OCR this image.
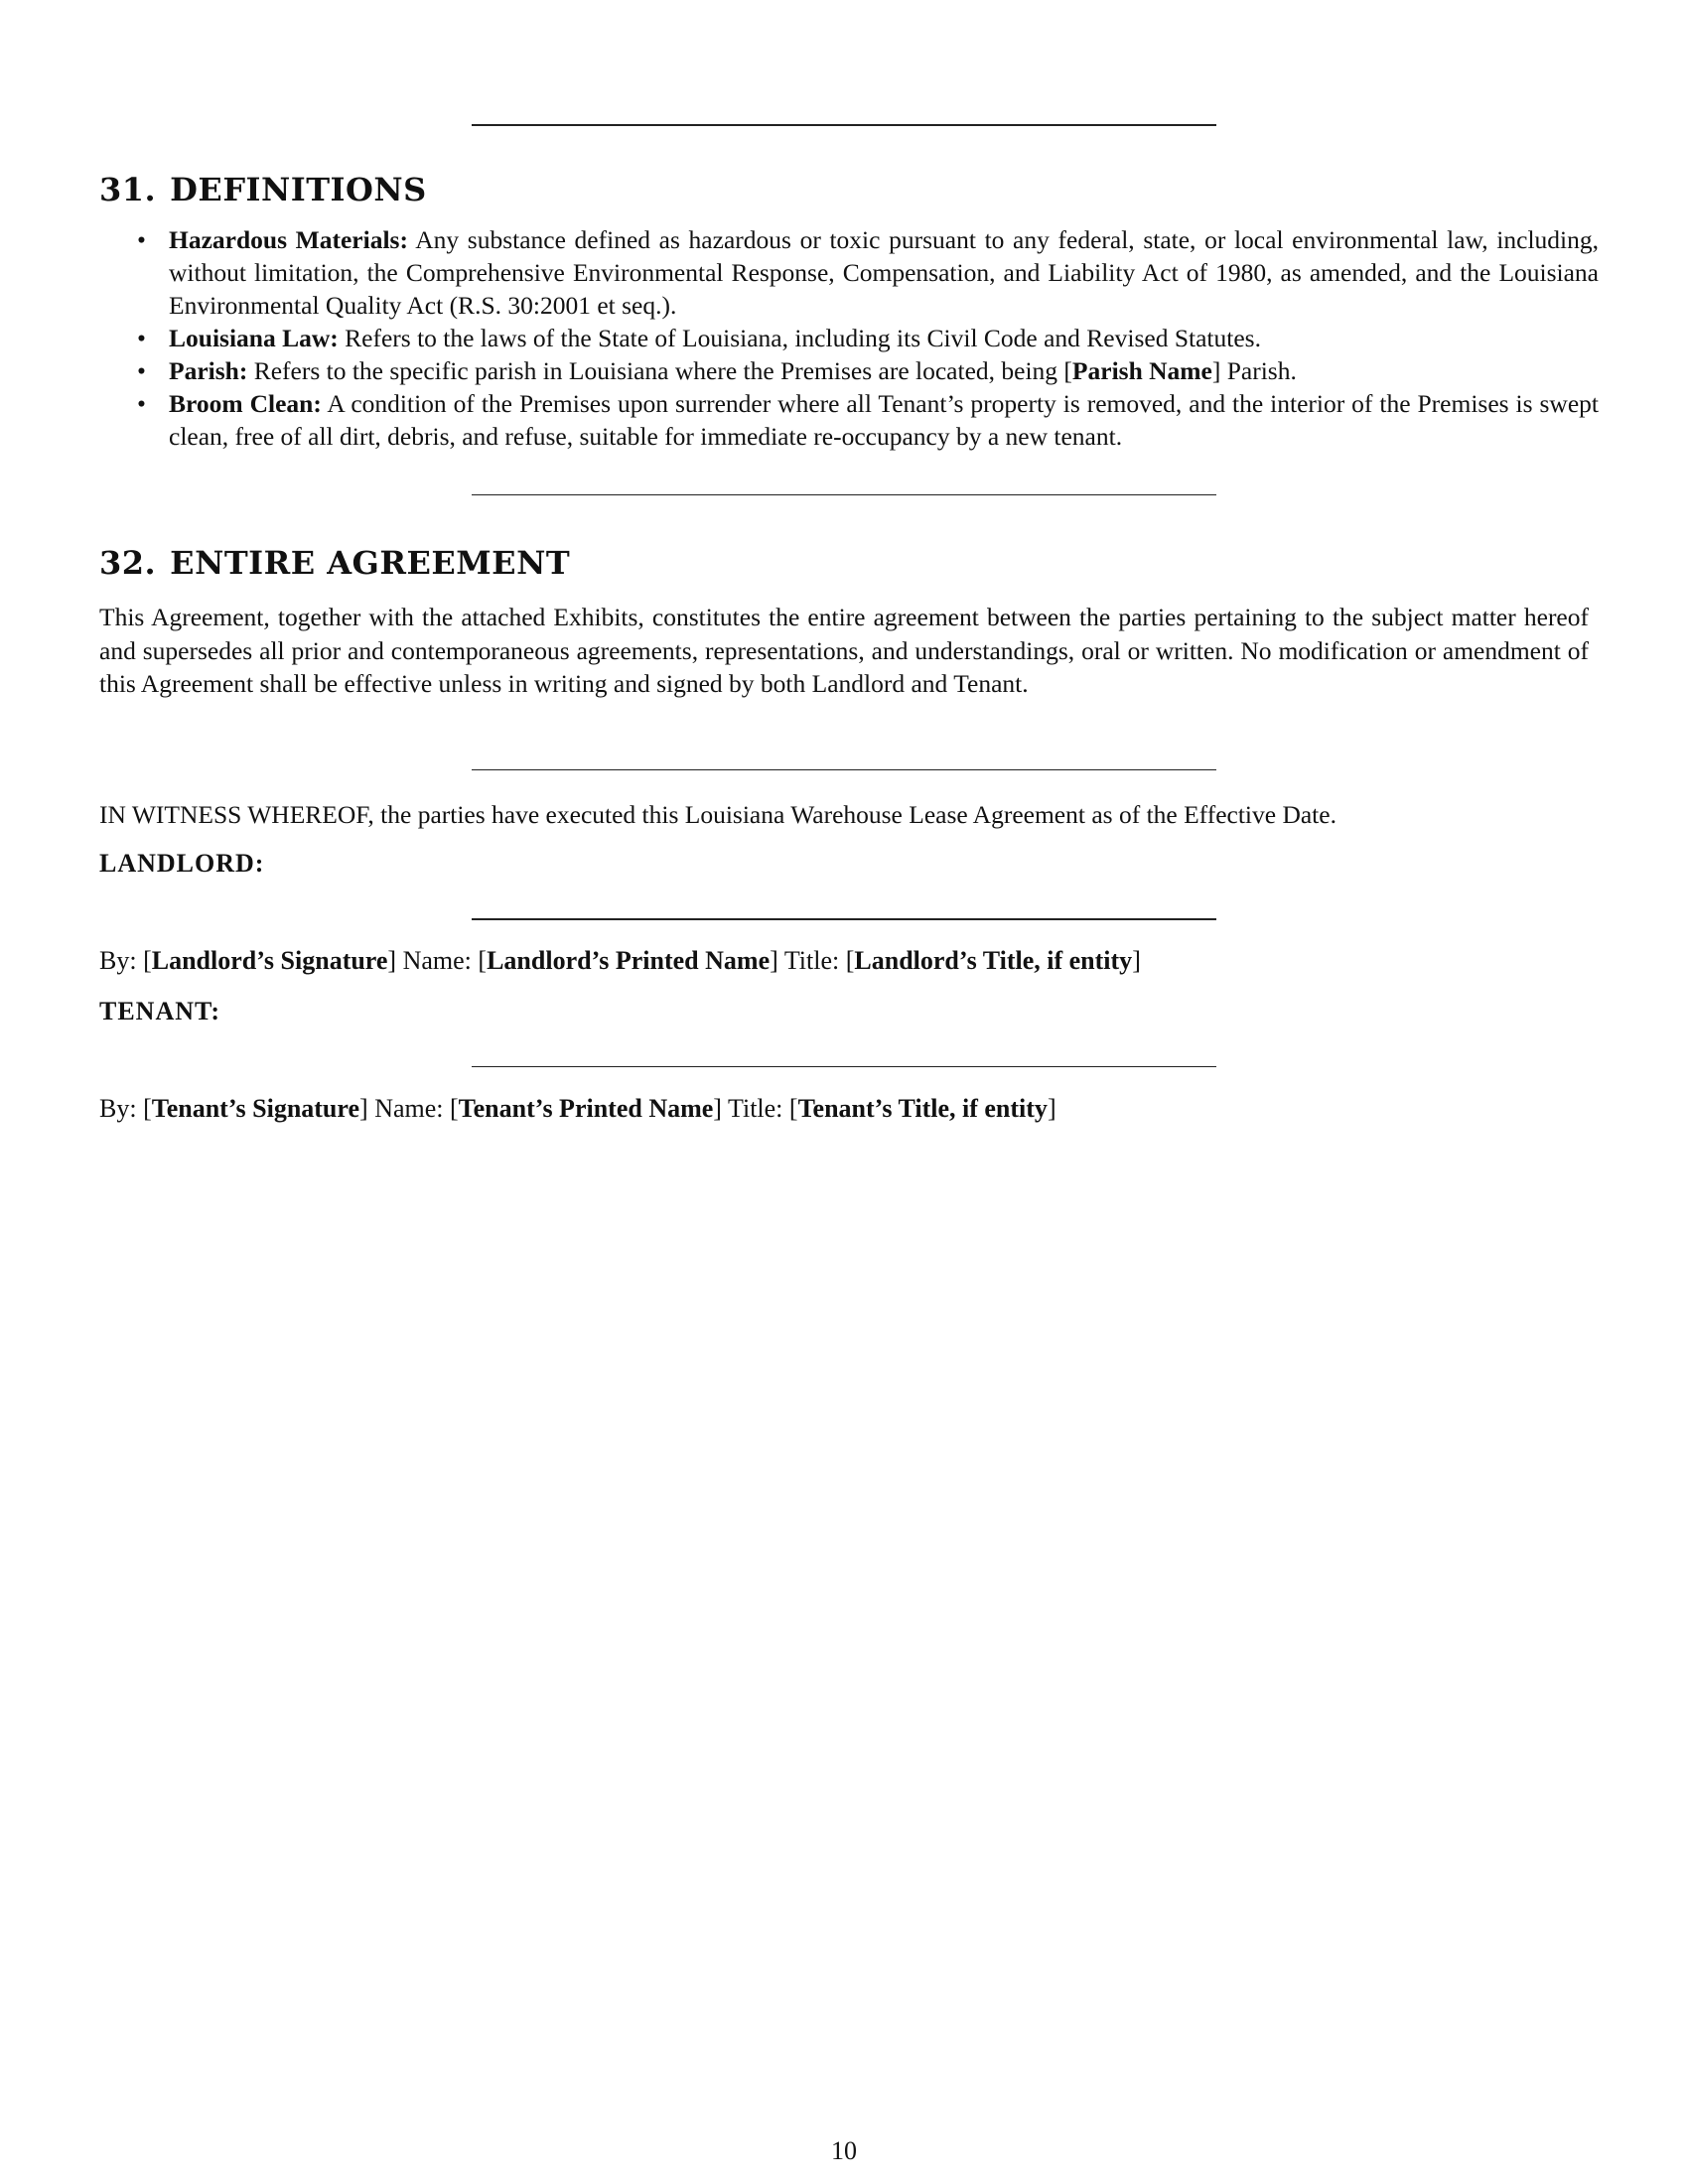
31. DEFINITIONS
• Hazardous Materials: Any substance defined as hazardous or toxic pursuant to any federal, state, or local environmental law, including, without limitation, the Comprehensive Environmental Response, Compensation, and Liability Act of 1980, as amended, and the Louisiana Environmental Quality Act (R.S. 30:2001 et seq.).
• Louisiana Law: Refers to the laws of the State of Louisiana, including its Civil Code and Revised Statutes.
• Parish: Refers to the specific parish in Louisiana where the Premises are located, being [Parish Name] Parish.
• Broom Clean: A condition of the Premises upon surrender where all Tenant’s property is removed, and the interior of the Premises is swept clean, free of all dirt, debris, and refuse, suitable for immediate re-occupancy by a new tenant.
32. ENTIRE AGREEMENT

This Agreement, together with the attached Exhibits, constitutes the entire agreement between the parties pertaining to the subject matter hereof and supersedes all prior and contemporaneous agreements, representations, and understandings, oral or written. No modification or amendment of this Agreement shall be effective unless in writing and signed by both Landlord and Tenant.

IN WITNESS WHEREOF, the parties have executed this Louisiana Warehouse Lease Agreement as of the Effective Date.

LANDLORD:

By: [Landlord’s Signature] Name: [Landlord’s Printed Name] Title: [Landlord’s Title, if entity]

TENANT:

By: [Tenant’s Signature] Name: [Tenant’s Printed Name] Title: [Tenant’s Title, if entity]

10
